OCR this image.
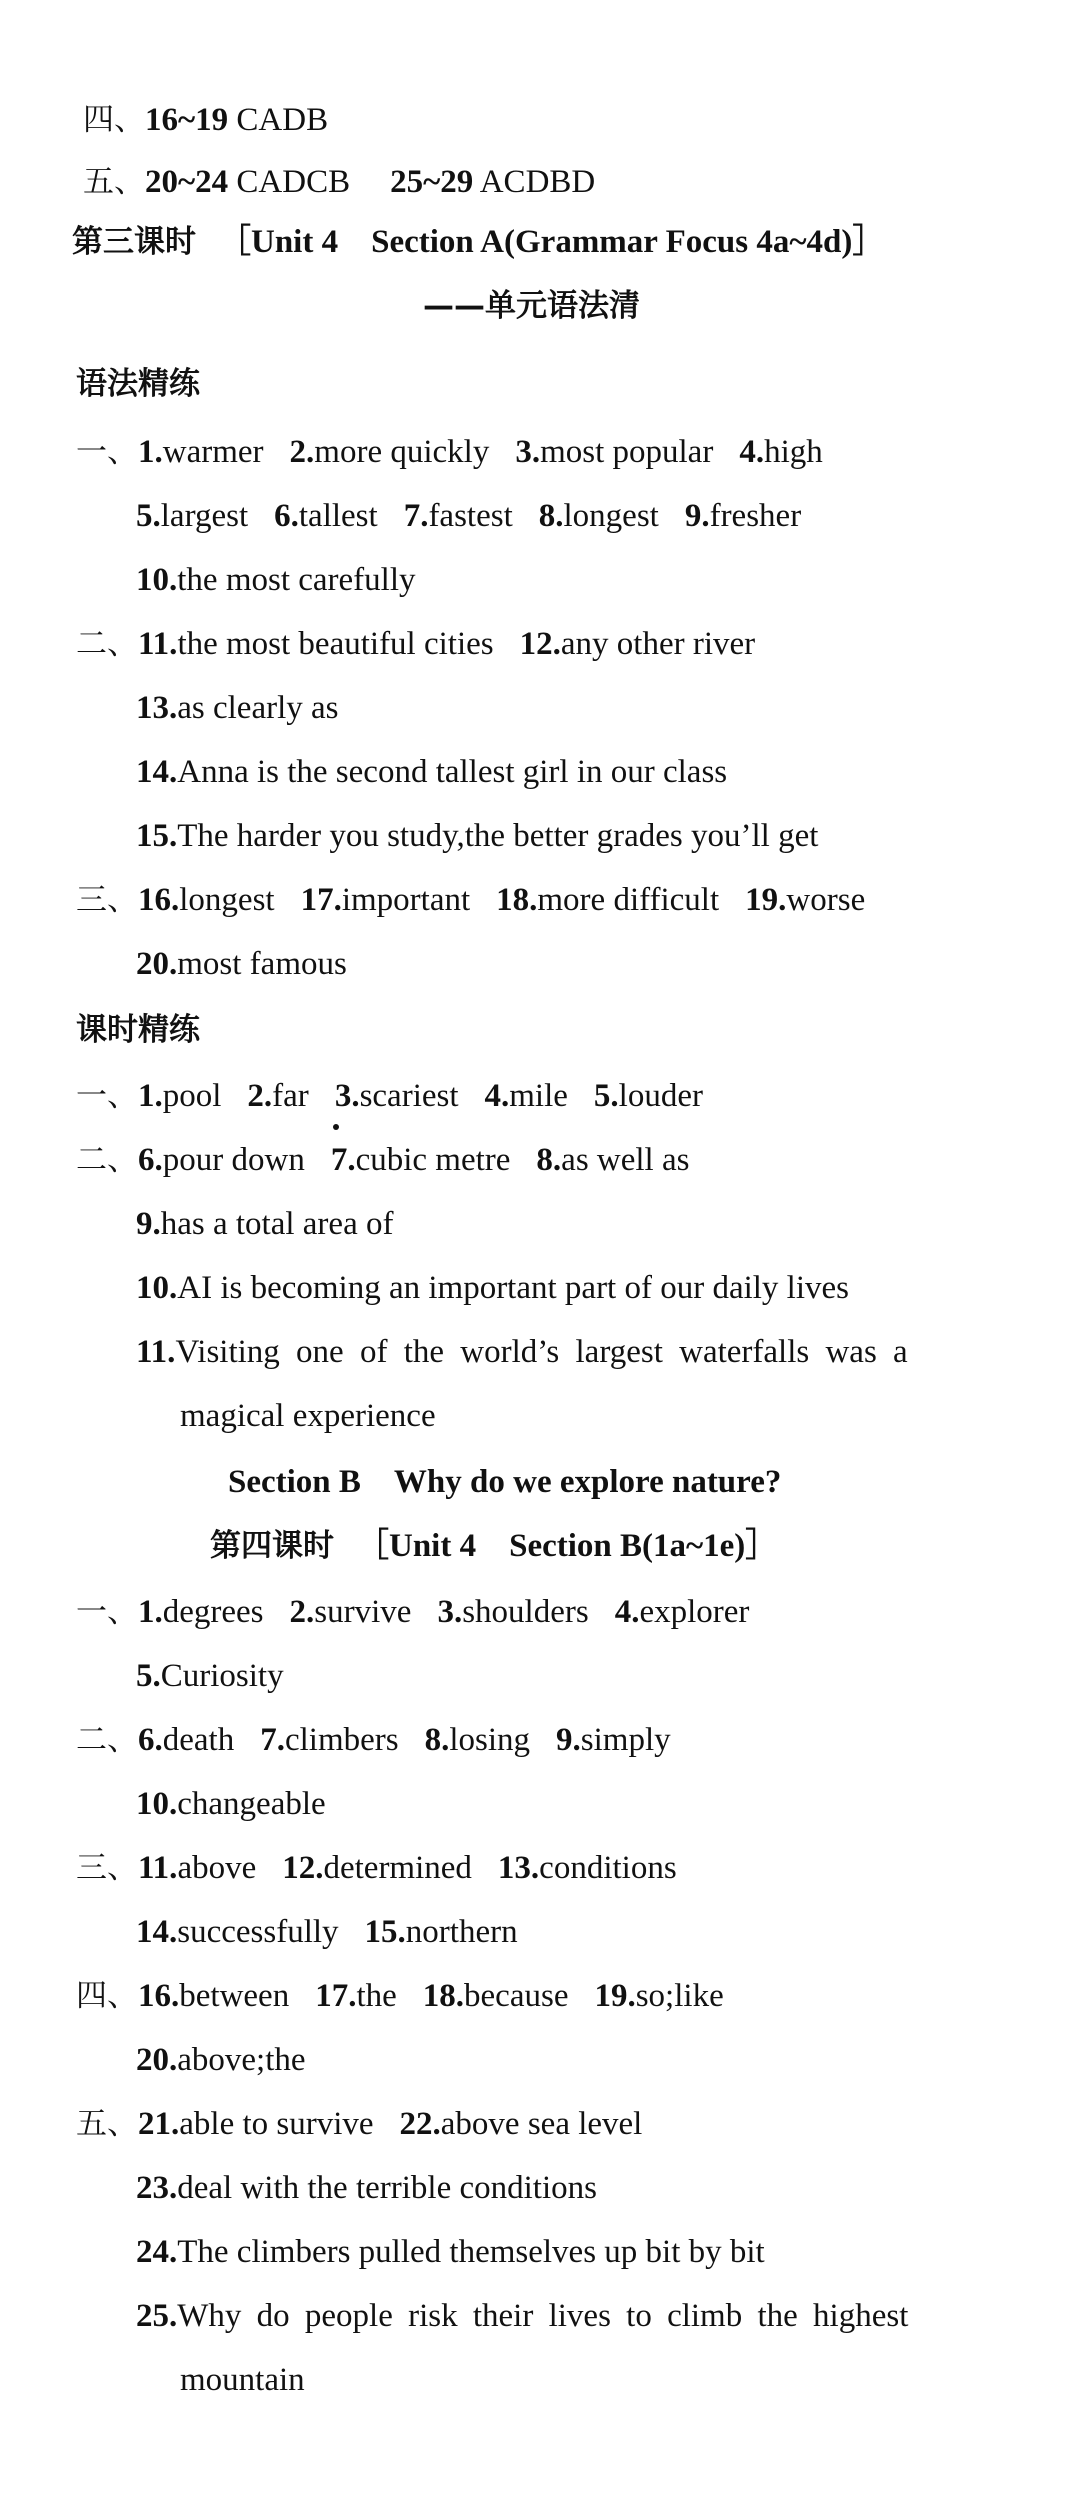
四、16~19 CADB
五、20~24 CADCB 25~29 ACDBD
第三课时 ［Unit 4　Section A(Grammar Focus 4a~4d)］
——单元语法清
语法精练
一、1.warmer 2.more quickly 3.most popular 4.high
5.largest 6.tallest 7.fastest 8.longest 9.fresher
10.the most carefully
二、11.the most beautiful cities 12.any other river
13.as clearly as
14.Anna is the second tallest girl in our class
15.The harder you study,the better grades you’ll get
三、16.longest 17.important 18.more difficult 19.worse
20.most famous
课时精练
一、1.pool 2.far 3.scariest 4.mile 5.louder
二、6.pour down 7.cubic metre 8.as well as
9.has a total area of
10.AI is becoming an important part of our daily lives
11.Visiting one of the world’s largest waterfalls was a
magical experience
Section B　Why do we explore nature?
第四课时 ［Unit 4　Section B(1a~1e)］
一、1.degrees 2.survive 3.shoulders 4.explorer
5.Curiosity
二、6.death 7.climbers 8.losing 9.simply
10.changeable
三、11.above 12.determined 13.conditions
14.successfully 15.northern
四、16.between 17.the 18.because 19.so;like
20.above;the
五、21.able to survive 22.above sea level
23.deal with the terrible conditions
24.The climbers pulled themselves up bit by bit
25.Why do people risk their lives to climb the highest
mountain
